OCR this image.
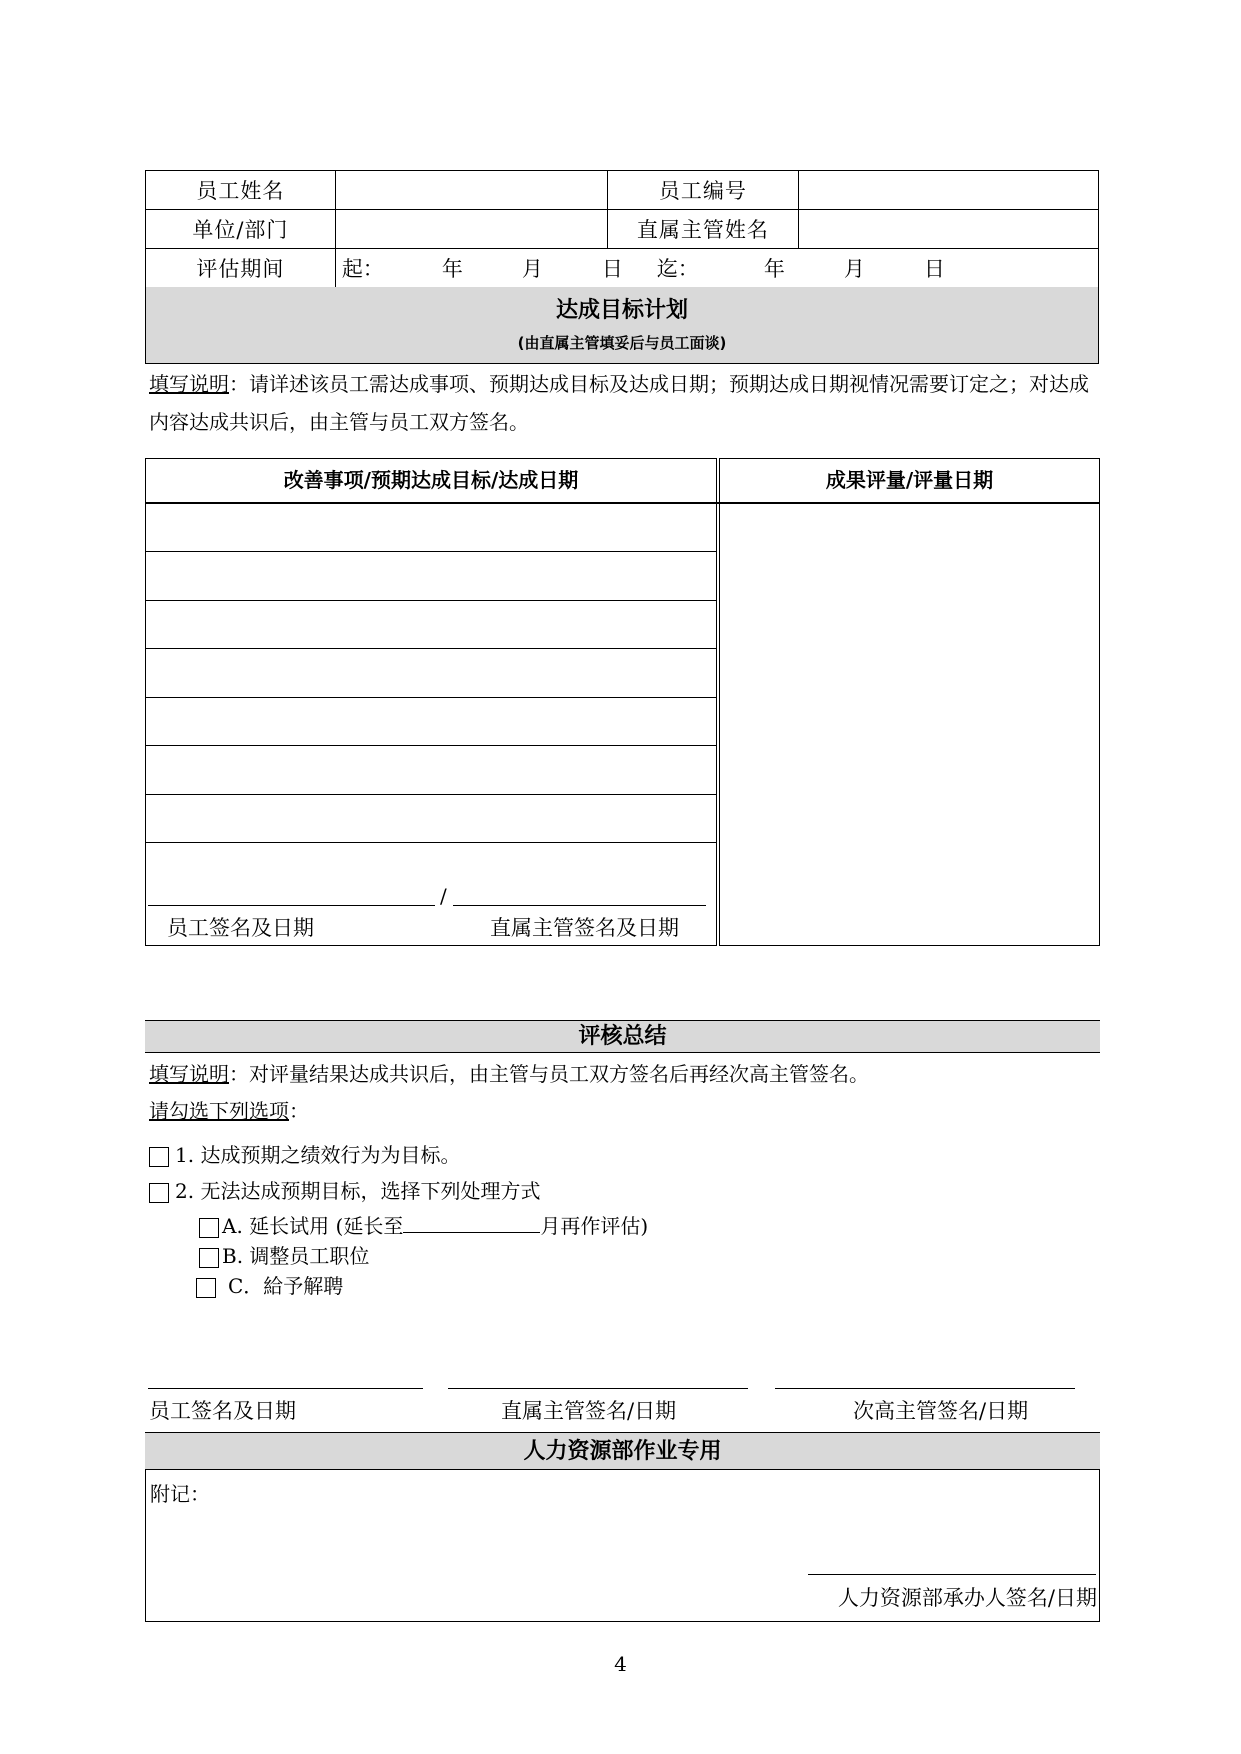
员工姓名		员工编号	
单位/部门		直属主管姓名	
评估期间	起： 年 月 日 迄： 年 月 日		
达成目标计划
(由直属主管填妥后与员工面谈)
填写说明：请详述该员工需达成事项、预期达成目标及达成日期；预期达成日期视情况需要订定之；对达成内容达成共识后，由主管与员工双方签名。
改善事项/预期达成目标/达成日期	成果评量/评量日期
/
员工签名及日期	直属主管签名及日期
评核总结
填写说明：对评量结果达成共识后，由主管与员工双方签名后再经次高主管签名。
请勾选下列选项：
1. 达成预期之绩效行为为目标。
2. 无法达成预期目标，选择下列处理方式
A. 延长试用 (延长至	月再作评估)
B. 调整员工职位
C．給予解聘
员工签名及日期	直属主管签名/日期	次高主管签名/日期
人力资源部作业专用
附记：
人力资源部承办人签名/日期
4
